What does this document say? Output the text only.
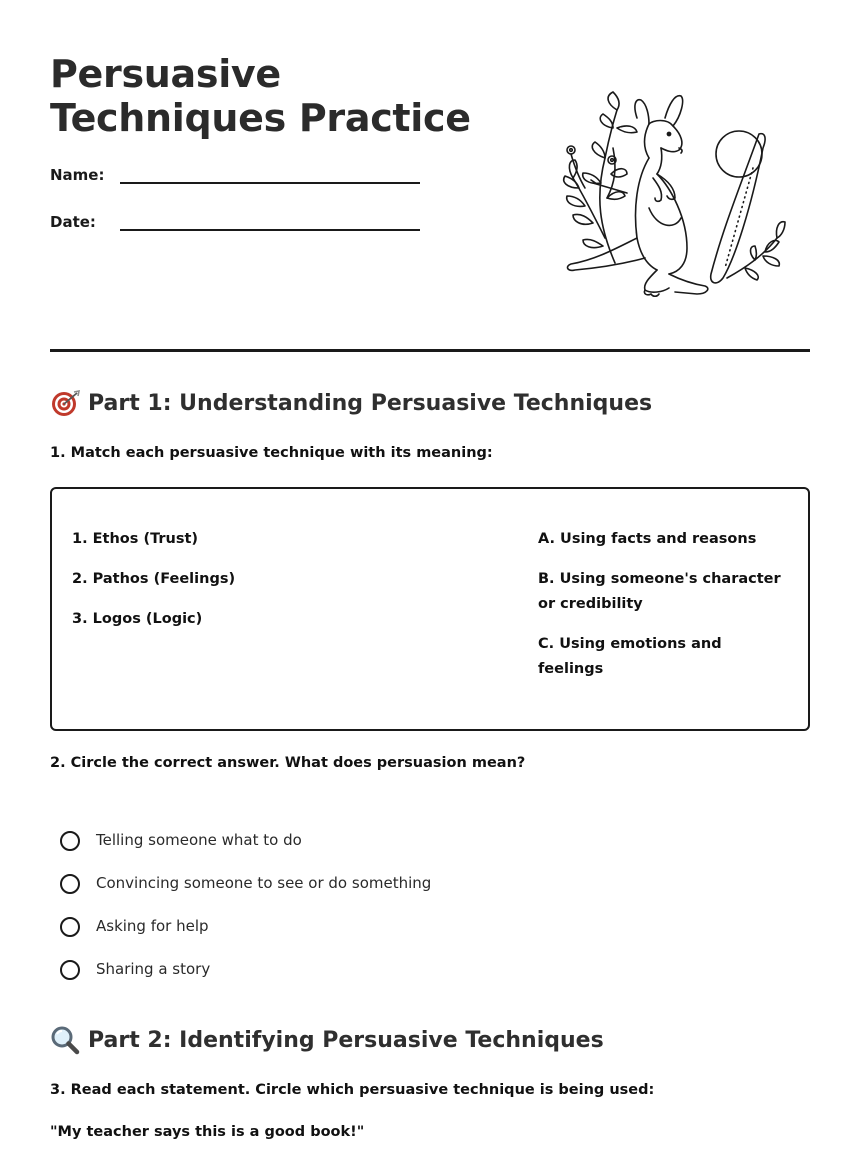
Persuasive Techniques Practice
Name:
Date:
Part 1: Understanding Persuasive Techniques

1. Match each persuasive technique with its meaning:

1. Ethos (Trust)
2. Pathos (Feelings)
3. Logos (Logic)
A. Using facts and reasons
B. Using someone's character or credibility
C. Using emotions and feelings

2. Circle the correct answer. What does persuasion mean?

Telling someone what to do
Convincing someone to see or do something
Asking for help
Sharing a story
Part 2: Identifying Persuasive Techniques

3. Read each statement. Circle which persuasive technique is being used:

"My teacher says this is a good book!"
